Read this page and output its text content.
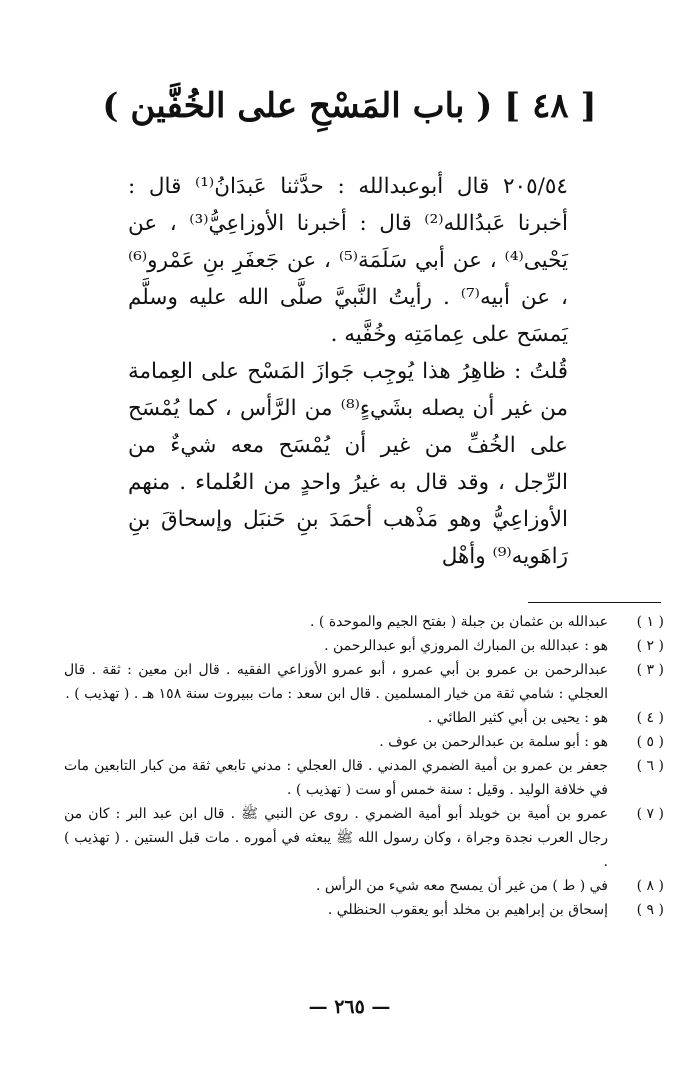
[ ٤٨ ] ( باب المَسْحِ على الخُفَّين )

٢٠٥/٥٤ قال أبوعبدالله : حدَّثنا عَبدَانُ⁽¹⁾ قال : أخبرنا عَبدُالله⁽²⁾ قال : أخبرنا الأوزاعِيُّ⁽³⁾ ، عن يَحْيى⁽⁴⁾ ، عن أبي سَلَمَة⁽⁵⁾ ، عن جَعفَرِ بنِ عَمْرو⁽⁶⁾ ، عن أبيه⁽⁷⁾ . رأيتُ النَّبيَّ صلَّى الله عليه وسلَّم يَمسَح على عِمامَتِه وخُفَّيه .

قُلتُ : ظاهِرُ هذا يُوجِب جَوازَ المَسْح على العِمامة من غير أن يصله بشَيءٍ⁽⁸⁾ من الرَّأس ، كما يُمْسَح على الخُفِّ من غير أن يُمْسَح معه شيءٌ من الرِّجل ، وقد قال به غيرُ واحدٍ من العُلماء . منهم الأوزاعِيُّ وهو مَذْهب أحمَدَ بنِ حَنبَل وإسحاقَ بنِ رَاهَويه⁽⁹⁾ وأهْل

( ١ )
عبدالله بن عثمان بن جبلة ( بفتح الجيم والموحدة ) .
( ٢ )
هو : عبدالله بن المبارك المروزي أبو عبدالرحمن .
( ٣ )
عبدالرحمن بن عمرو بن أبي عمرو ، أبو عمرو الأوزاعي الفقيه . قال ابن معين : ثقة . قال العجلي : شامي ثقة من خيار المسلمين . قال ابن سعد : مات ببيروت سنة ١٥٨ هـ . ( تهذيب ) .
( ٤ )
هو : يحيى بن أبي كثير الطائي .
( ٥ )
هو : أبو سلمة بن عبدالرحمن بن عوف .
( ٦ )
جعفر بن عمرو بن أمية الضمري المدني . قال العجلي : مدني تابعي ثقة من كبار التابعين مات في خلافة الوليد . وقيل : سنة خمس أو ست ( تهذيب ) .
( ٧ )
عمرو بن أمية بن خويلد أبو أمية الضمري . روى عن النبي ﷺ . قال ابن عبد البر : كان من رجال العرب نجدة وجراة ، وكان رسول الله ﷺ يبعثه في أموره . مات قبل الستين . ( تهذيب ) .
( ٨ )
في ( ط ) من غير أن يمسح معه شيء من الرأس .
( ٩ )
إسحاق بن إبراهيم بن مخلد أبو يعقوب الحنظلي .
— ٢٦٥ —
